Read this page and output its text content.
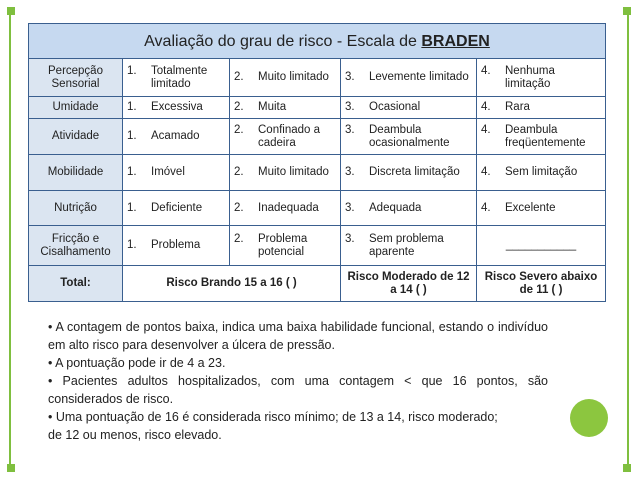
Avaliação do grau de risco - Escala de BRADEN				
Percepção Sensorial	1. Totalmente limitado	2. Muito limitado	3. Levemente limitado	4. Nenhuma limitação

Umidade	1. Excessiva	2. Muita	3. Ocasional	4. Rara

Atividade	1. Acamado	2. Confinado a cadeira	3. Deambula ocasionalmente	4. Deambula freqüentemente

Mobilidade	1. Imóvel	2. Muito limitado	3. Discreta limitação	4. Sem limitação

Nutrição	1. Deficiente	2. Inadequada	3. Adequada	4. Excelente

Fricção e Cisalhamento	1. Problema	2. Problema potencial	3. Sem problema aparente	___________
Total:	Risco Brando 15 a 16 ( )		Risco Moderado de 12 a 14 ( )	Risco Severo abaixo de 11 ( )

• A contagem de pontos baixa, indica uma baixa habilidade funcional, estando o indivíduo em alto risco para desenvolver a úlcera de pressão.

• A pontuação pode ir de 4 a 23.

• Pacientes adultos hospitalizados, com uma contagem < que 16 pontos, são considerados de risco.

• Uma pontuação de 16 é considerada risco mínimo; de 13 a 14, risco moderado;

de 12 ou menos, risco elevado.
